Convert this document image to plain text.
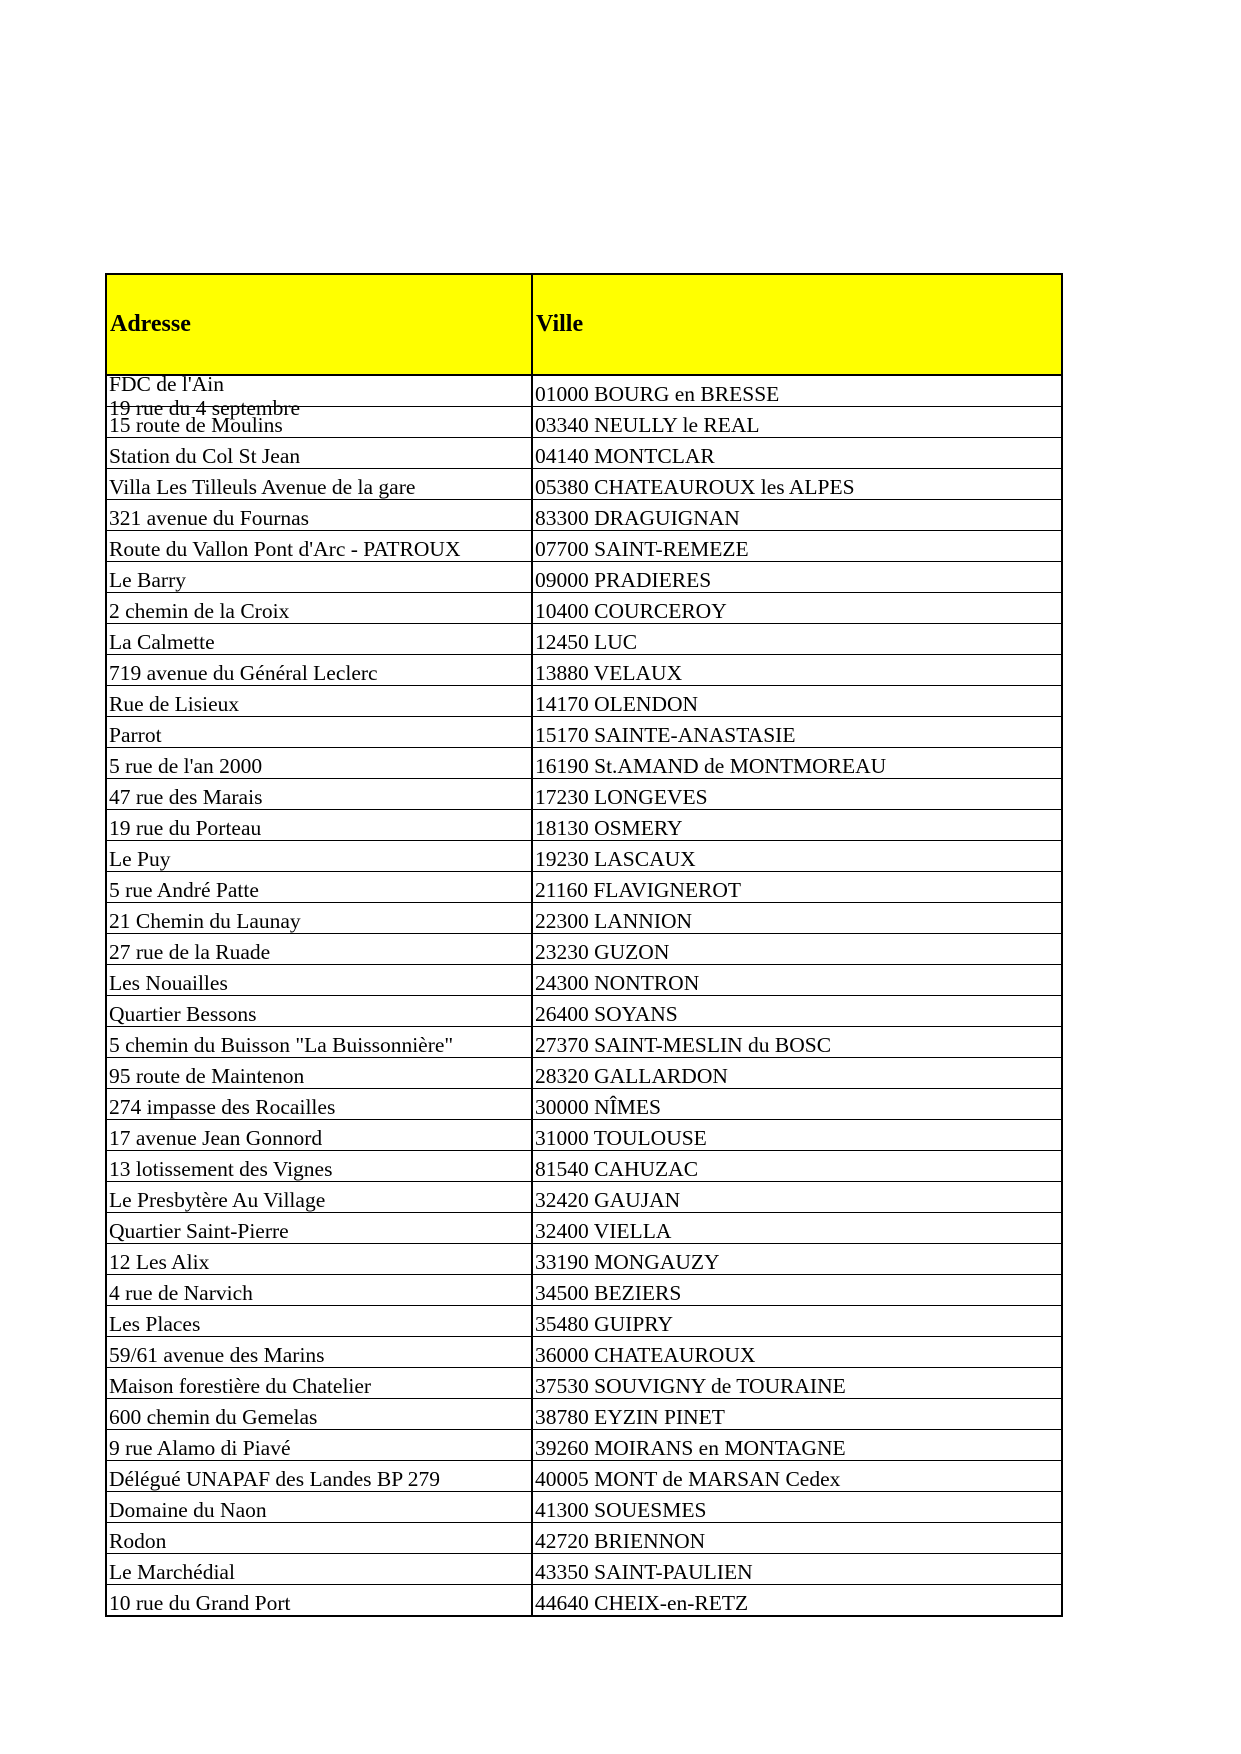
Adresse	Ville

FDC de l'Ain
19 rue du 4 septembre	01000 BOURG en BRESSE
15 route de Moulins	03340 NEULLY le REAL
Station du Col St Jean	04140 MONTCLAR
Villa Les Tilleuls Avenue de la gare	05380 CHATEAUROUX les ALPES
321 avenue du Fournas	83300 DRAGUIGNAN
Route du Vallon Pont d'Arc - PATROUX	07700 SAINT-REMEZE
Le Barry	09000 PRADIERES
2 chemin de la Croix	10400 COURCEROY
La Calmette	12450 LUC
719 avenue du Général Leclerc	13880 VELAUX
Rue de Lisieux	14170 OLENDON
Parrot	15170 SAINTE-ANASTASIE
5 rue de l'an 2000	16190 St.AMAND de MONTMOREAU
47 rue des Marais	17230 LONGEVES
19 rue du Porteau	18130 OSMERY
Le Puy	19230 LASCAUX
5 rue André Patte	21160 FLAVIGNEROT
21 Chemin du Launay	22300 LANNION
27 rue de la Ruade	23230 GUZON
Les Nouailles	24300 NONTRON
Quartier Bessons	26400 SOYANS
5 chemin du Buisson "La Buissonnière"	27370 SAINT-MESLIN du BOSC
95 route de Maintenon	28320 GALLARDON
274 impasse des Rocailles	30000 NÎMES
17 avenue Jean Gonnord	31000 TOULOUSE
13 lotissement des Vignes	81540 CAHUZAC
Le Presbytère Au Village	32420 GAUJAN
Quartier Saint-Pierre	32400 VIELLA
12 Les Alix	33190 MONGAUZY
4 rue de Narvich	34500 BEZIERS
Les Places	35480 GUIPRY
59/61 avenue des Marins	36000 CHATEAUROUX
Maison forestière du Chatelier	37530 SOUVIGNY de TOURAINE
600 chemin du Gemelas	38780 EYZIN PINET
9 rue Alamo di Piavé	39260 MOIRANS en MONTAGNE
Délégué UNAPAF des Landes BP 279	40005 MONT de MARSAN Cedex
Domaine du Naon	41300 SOUESMES
Rodon	42720 BRIENNON
Le Marchédial	43350 SAINT-PAULIEN
10 rue du Grand Port	44640 CHEIX-en-RETZ
